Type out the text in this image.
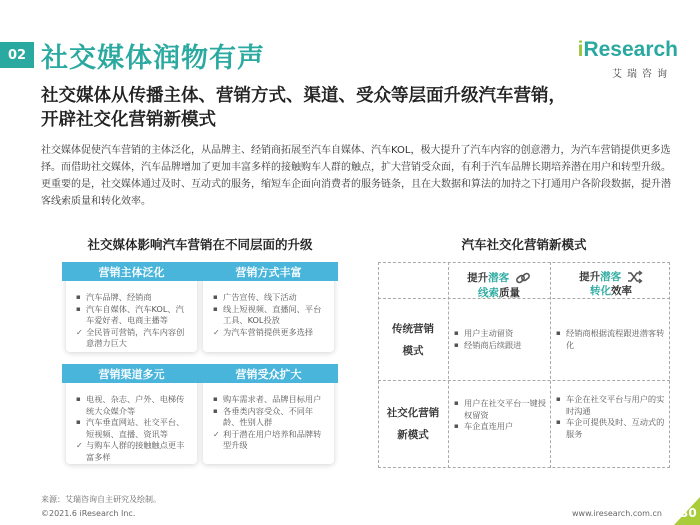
02 社交媒体润物有声	iResearch
艾瑞咨询
社交媒体从传播主体、营销方式、渠道、受众等层面升级汽车营销，
开辟社交化营销新模式
社交媒体促使汽车营销的主体泛化，从品牌主、经销商拓展至汽车自媒体、汽车KOL，极大提升了汽车内容的创意潜力，为汽车营销提供更多选择。而借助社交媒体，汽车品牌增加了更加丰富多样的接触购车人群的触点，扩大营销受众面，有利于汽车品牌长期培养潜在用户和转型升级。更重要的是，社交媒体通过及时、互动式的服务，缩短车企面向消费者的服务链条，且在大数据和算法的加持之下打通用户各阶段数据，提升潜客线索质量和转化效率。
社交媒体影响汽车营销在不同层面的升级
营销主体泛化
▪ 汽车品牌、经销商
▪ 汽车自媒体、汽车KOL、汽车爱好者、电商主播等
✓ 全民皆可营销，汽车内容创意潜力巨大
营销方式丰富
▪ 广告宣传、线下活动
▪ 线上短视频、直播间、平台工具、KOL投放
✓ 为汽车营销提供更多选择
营销渠道多元
▪ 电视、杂志、户外、电梯传统大众媒介等
▪ 汽车垂直网站、社交平台、短视频、直播、资讯等
✓ 与购车人群的接触触点更丰富多样
营销受众扩大
▪ 购车需求者、品牌目标用户
▪ 各垂类内容受众、不同年龄、性别人群
✓ 利于潜在用户培养和品牌转型升级
汽车社交化营销新模式
提升潜客
线索质量
提升潜客
转化效率
传统营销
模式
社交化营销
新模式
▪ 用户主动留资
▪ 经销商后续跟进
▪ 经销商根据流程跟进潜客转化
▪ 用户在社交平台一键授权留资
▪ 车企直连用户
▪ 车企在社交平台与用户的实时沟通
▪ 车企可提供及时、互动式的服务
来源：艾瑞咨询自主研究及绘制。
©2021.6 iResearch Inc.	www.iresearch.com.cn 30
